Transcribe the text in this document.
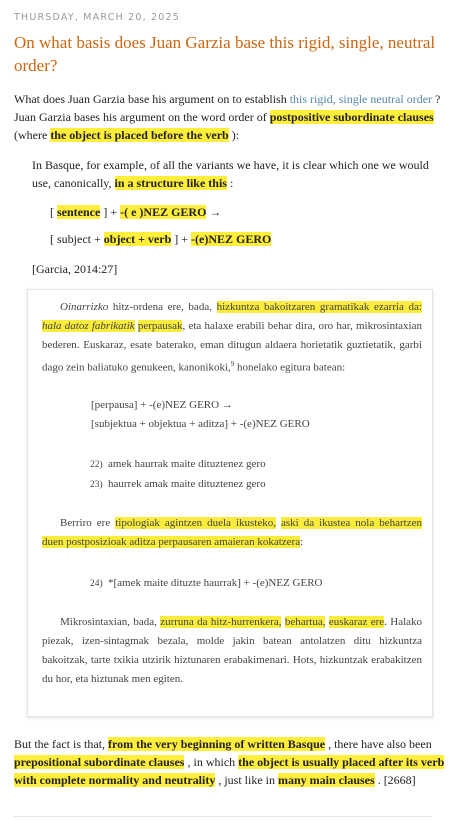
THURSDAY, MARCH 20, 2025
On what basis does Juan Garzia base this rigid, single, neutral order?
What does Juan Garzia base his argument on to establish this rigid, single neutral order ? Juan Garzia bases his argument on the word order of postpositive subordinate clauses (where the object is placed before the verb ):
In Basque, for example, of all the variants we have, it is clear which one we would use, canonically, in a structure like this :
[ sentence ] + -( e )NEZ GERO →
[ subject + object + verb ] + -(e)NEZ GERO
[Garcia, 2014:27]
Oinarrizko hitz-ordena ere, bada, hizkuntza bakoitzaren gramatikak ezarria da: hala datoz fabrikatik perpausak, eta halaxe erabili behar dira, oro har, mikrosintaxian bederen. Euskaraz, esate baterako, eman ditugun aldaera horietatik guztietatik, garbi dago zein baliatuko genukeen, kanonikoki,$^9$ honelako egitura batean:
[perpausa] + -(e)NEZ GERO →
[subjektua + objektua + aditza] + -(e)NEZ GERO
22) amek haurrak maite dituztenez gero
23) haurrek amak maite dituztenez gero
Berriro ere tipologiak agintzen duela ikusteko, aski da ikustea nola behartzen duen postposizioak aditza perpausaren amaieran kokatzera:
24) *[amek maite dituzte haurrak] + -(e)NEZ GERO
Mikrosintaxian, bada, zurruna da hitz-hurrenkera, behartua, euskaraz ere. Halako piezak, izen-sintagmak bezala, molde jakin batean antolatzen ditu hizkuntza bakoitzak, tarte txikia utzirik hiztunaren erabakimenari. Hots, hizkuntzak erabakitzen du hor, eta hiztunak men egiten.
But the fact is that, from the very beginning of written Basque , there have also been prepositional subordinate clauses , in which the object is usually placed after its verb with complete normality and neutrality , just like in many main clauses . [2668]
